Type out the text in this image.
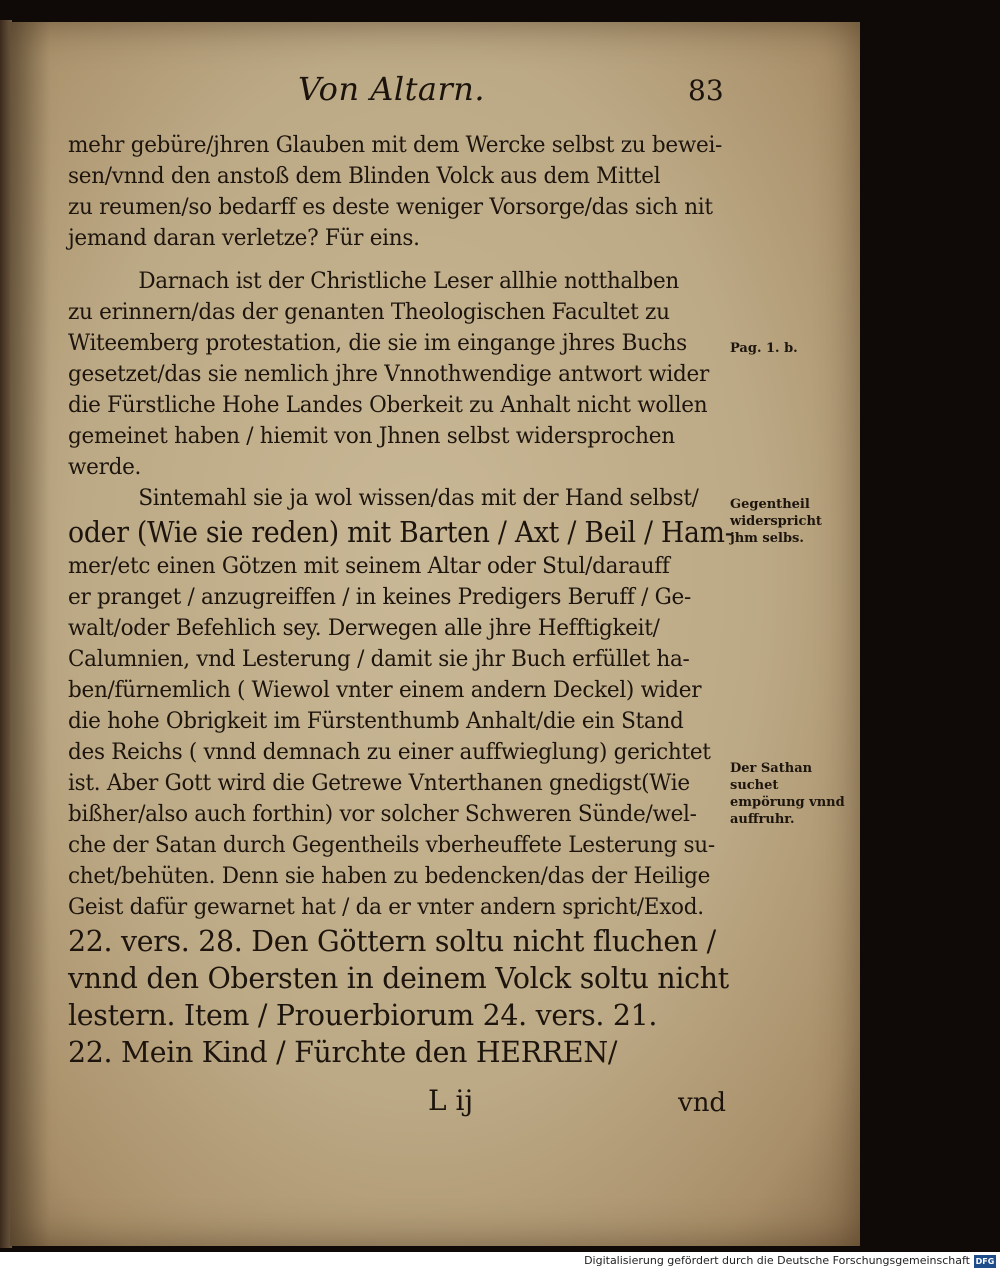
Von Altarn.	83
mehr gebüre/jhren Glauben mit dem Wercke selbst zu bewei-
sen/vnnd den anstoß dem Blinden Volck aus dem Mittel
zu reumen/so bedarff es deste weniger Vorsorge/das sich nit
jemand daran verletze? Für eins.
Darnach ist der Christliche Leser allhie notthalben
zu erinnern/das der genanten Theologischen Facultet zu
Witeemberg protestation, die sie im eingange jhres Buchs
gesetzet/das sie nemlich jhre Vnnothwendige antwort wider
die Fürstliche Hohe Landes Oberkeit zu Anhalt nicht wollen
gemeinet haben / hiemit von Jhnen selbst widersprochen
werde.
Sintemahl sie ja wol wissen/das mit der Hand selbst/
oder (Wie sie reden) mit Barten / Axt / Beil / Ham-
mer/etc einen Götzen mit seinem Altar oder Stul/darauff
er pranget / anzugreiffen / in keines Predigers Beruff / Ge-
walt/oder Befehlich sey. Derwegen alle jhre Hefftigkeit/
Calumnien, vnd Lesterung / damit sie jhr Buch erfüllet ha-
ben/fürnemlich ( Wiewol vnter einem andern Deckel) wider
die hohe Obrigkeit im Fürstenthumb Anhalt/die ein Stand
des Reichs ( vnnd demnach zu einer auffwieglung) gerichtet
ist. Aber Gott wird die Getrewe Vnterthanen gnedigst(Wie
bißher/also auch forthin) vor solcher Schweren Sünde/wel-
che der Satan durch Gegentheils vberheuffete Lesterung su-
chet/behüten. Denn sie haben zu bedencken/das der Heilige
Geist dafür gewarnet hat / da er vnter andern spricht/Exod.
22. vers. 28. Den Göttern soltu nicht fluchen /
vnnd den Obersten in deinem Volck soltu nicht
lestern. Item / Prouerbiorum 24. vers. 21.
22. Mein Kind / Fürchte den HERREN/
Pag. 1. b.
Gegentheil widerspricht jhm selbs.
Der Sathan suchet empörung vnnd auffruhr.
L ij	vnd
Digitalisierung gefördert durch die Deutsche Forschungsgemeinschaft DFG
